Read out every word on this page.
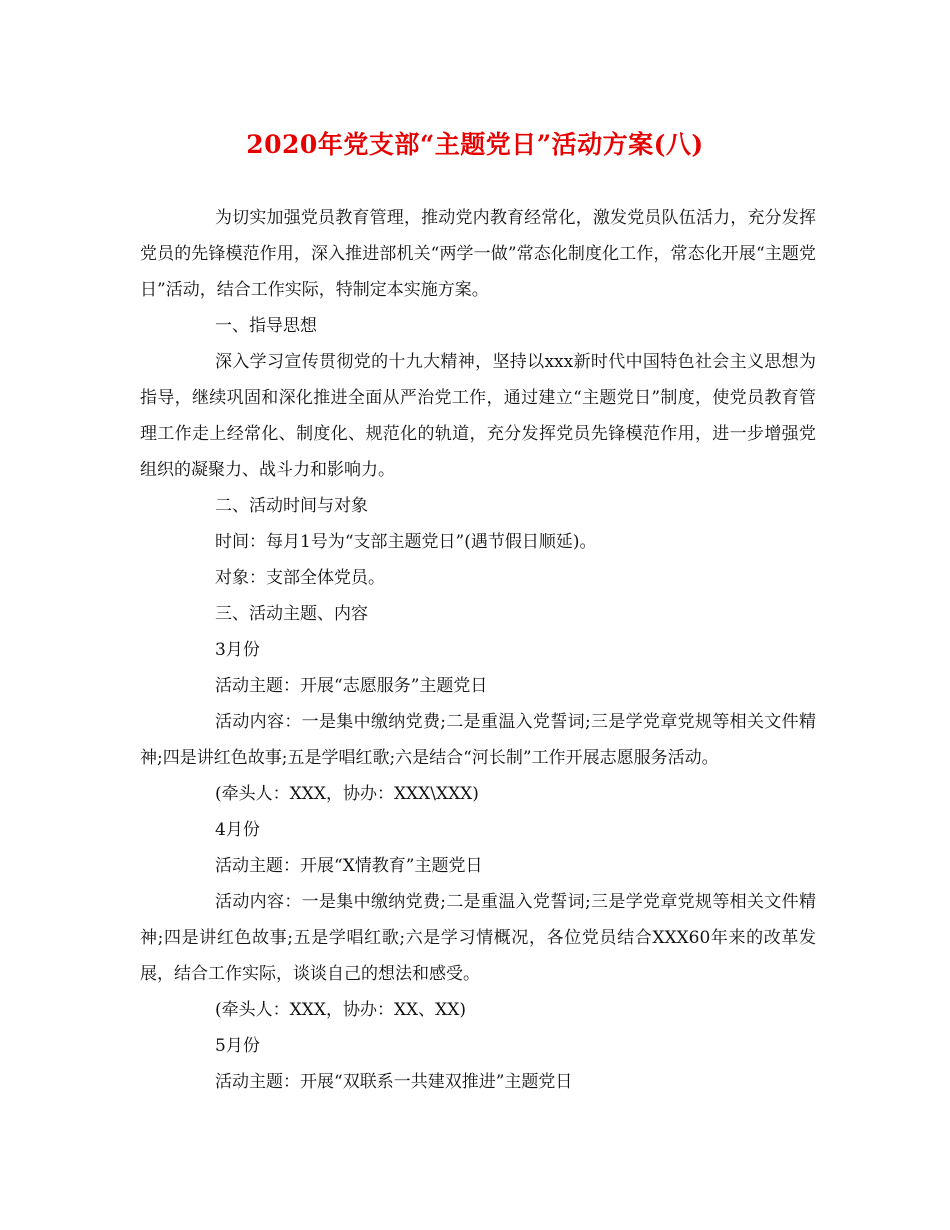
2020年党支部“主题党日”活动方案(八)

为切实加强党员教育管理，推动党内教育经常化，激发党员队伍活力，充分发挥党员的先锋模范作用，深入推进部机关“两学一做”常态化制度化工作，常态化开展“主题党日”活动，结合工作实际，特制定本实施方案。

一、指导思想

深入学习宣传贯彻党的十九大精神，坚持以xxx新时代中国特色社会主义思想为指导，继续巩固和深化推进全面从严治党工作，通过建立“主题党日”制度，使党员教育管理工作走上经常化、制度化、规范化的轨道，充分发挥党员先锋模范作用，进一步增强党组织的凝聚力、战斗力和影响力。

二、活动时间与对象
时间：每月1号为“支部主题党日”(遇节假日顺延)。
对象：支部全体党员。
三、活动主题、内容
3月份
活动主题：开展“志愿服务”主题党日

活动内容：一是集中缴纳党费;二是重温入党誓词;三是学党章党规等相关文件精神;四是讲红色故事;五是学唱红歌;六是结合“河长制”工作开展志愿服务活动。

(牵头人：XXX，协办：XXX\XXX)
4月份
活动主题：开展“X情教育”主题党日

活动内容：一是集中缴纳党费;二是重温入党誓词;三是学党章党规等相关文件精神;四是讲红色故事;五是学唱红歌;六是学习情概况，各位党员结合XXX60年来的改革发展，结合工作实际，谈谈自己的想法和感受。

(牵头人：XXX，协办：XX、XX)
5月份
活动主题：开展“双联系一共建双推进”主题党日
